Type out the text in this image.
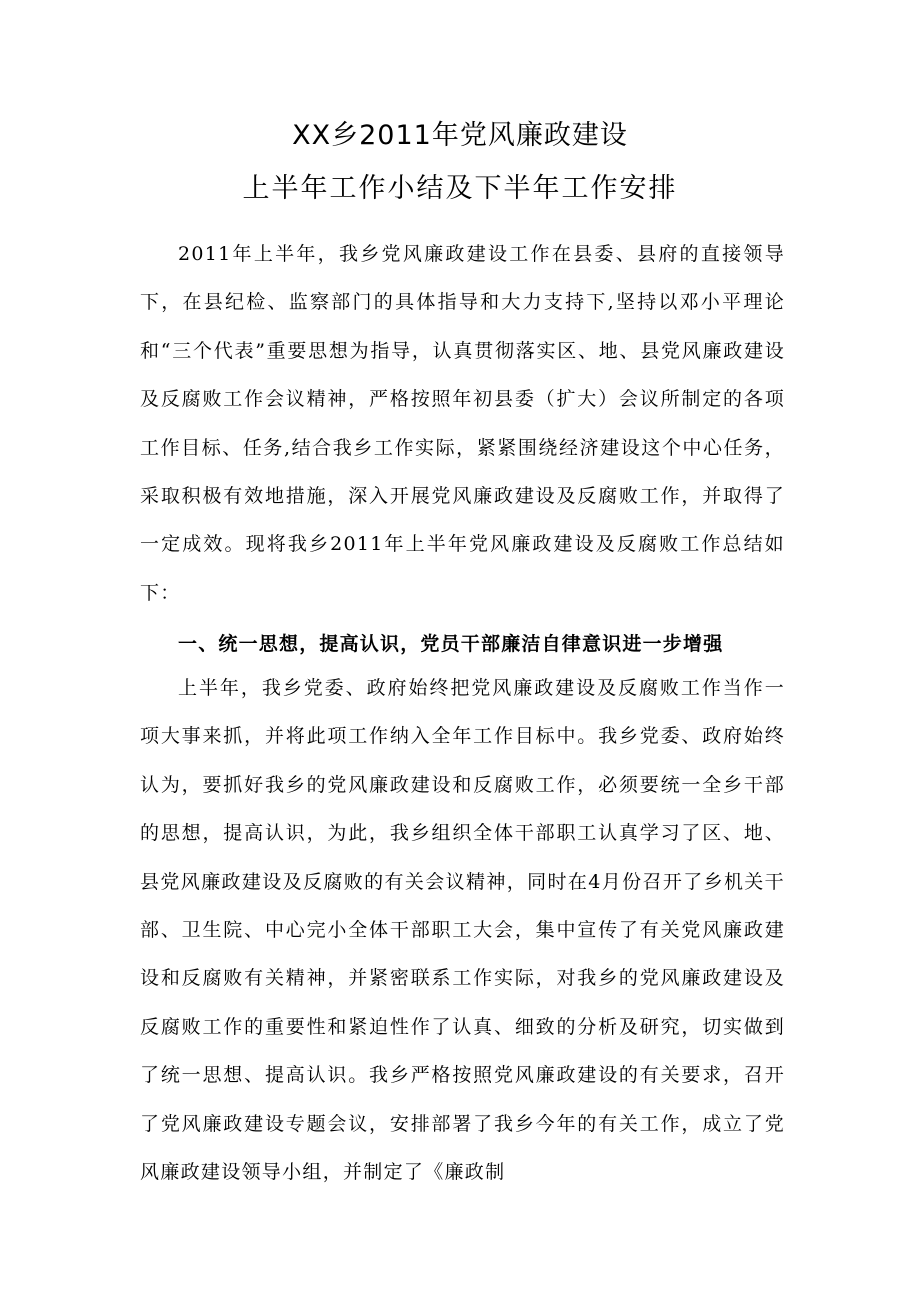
XX乡2011年党风廉政建设
上半年工作小结及下半年工作安排

2011年上半年，我乡党风廉政建设工作在县委、县府的直接领导下，在县纪检、监察部门的具体指导和大力支持下,坚持以邓小平理论和“三个代表”重要思想为指导，认真贯彻落实区、地、县党风廉政建设及反腐败工作会议精神，严格按照年初县委（扩大）会议所制定的各项工作目标、任务,结合我乡工作实际，紧紧围绕经济建设这个中心任务，采取积极有效地措施，深入开展党风廉政建设及反腐败工作，并取得了一定成效。现将我乡2011年上半年党风廉政建设及反腐败工作总结如下：

一、统一思想，提高认识，党员干部廉洁自律意识进一步增强

上半年，我乡党委、政府始终把党风廉政建设及反腐败工作当作一项大事来抓，并将此项工作纳入全年工作目标中。我乡党委、政府始终认为，要抓好我乡的党风廉政建设和反腐败工作，必须要统一全乡干部的思想，提高认识，为此，我乡组织全体干部职工认真学习了区、地、县党风廉政建设及反腐败的有关会议精神，同时在4月份召开了乡机关干部、卫生院、中心完小全体干部职工大会，集中宣传了有关党风廉政建设和反腐败有关精神，并紧密联系工作实际，对我乡的党风廉政建设及反腐败工作的重要性和紧迫性作了认真、细致的分析及研究，切实做到了统一思想、提高认识。我乡严格按照党风廉政建设的有关要求，召开了党风廉政建设专题会议，安排部署了我乡今年的有关工作，成立了党风廉政建设领导小组，并制定了《廉政制
